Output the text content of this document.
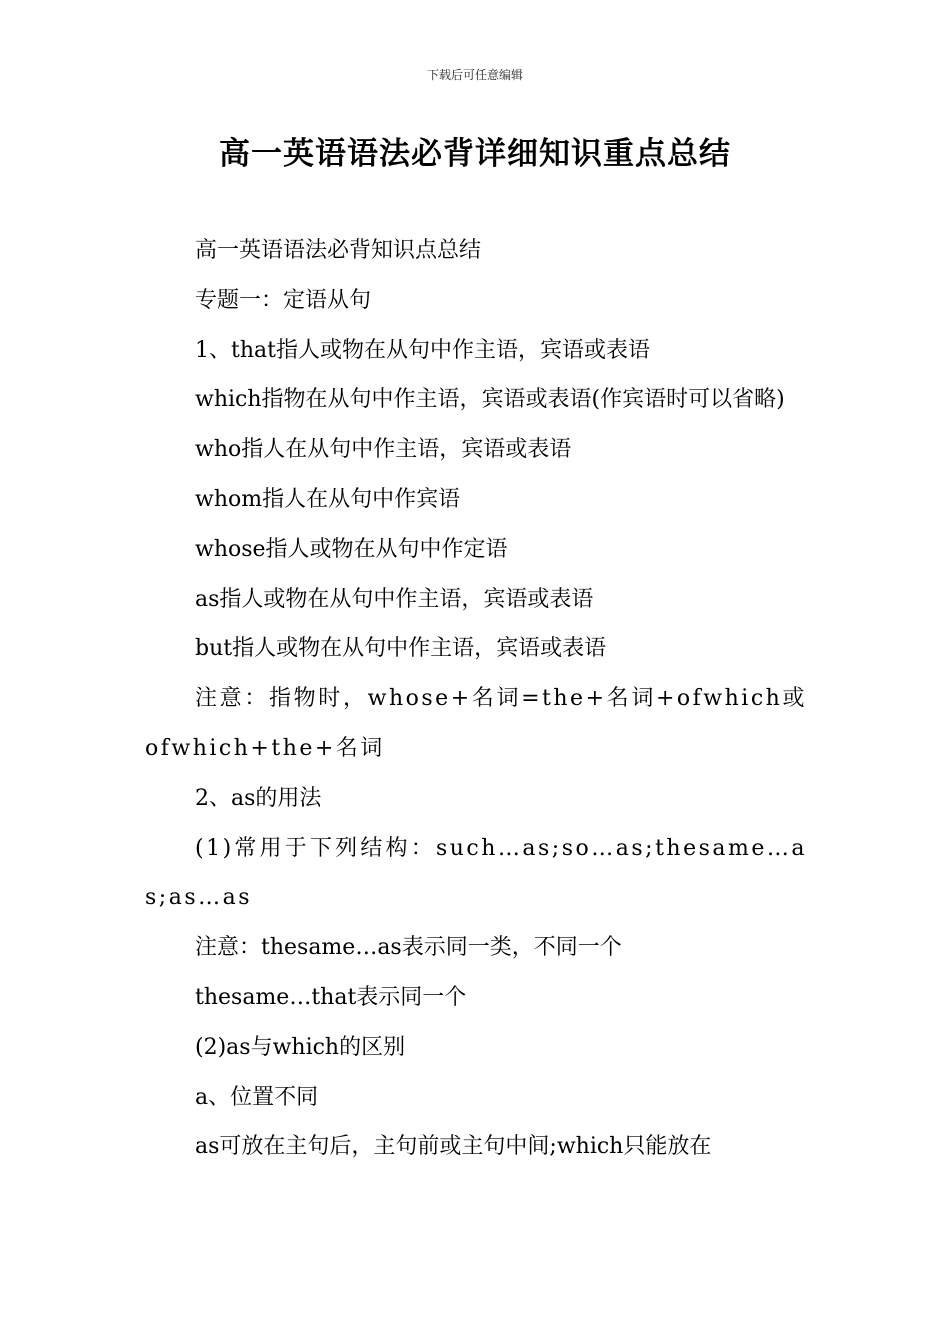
下载后可任意编辑
高一英语语法必背详细知识重点总结

高一英语语法必背知识点总结

专题一：定语从句

1、that指人或物在从句中作主语，宾语或表语

which指物在从句中作主语，宾语或表语(作宾语时可以省略)

who指人在从句中作主语，宾语或表语

whom指人在从句中作宾语

whose指人或物在从句中作定语

as指人或物在从句中作主语，宾语或表语

but指人或物在从句中作主语，宾语或表语

注意：指物时，whose+名词=the+名词+ofwhich或ofwhich+the+名词

2、as的用法

(1)常用于下列结构：such…as;so…as;thesame…as;as…as

注意：thesame…as表示同一类，不同一个

thesame…that表示同一个

(2)as与which的区别

a、位置不同

as可放在主句后，主句前或主句中间;which只能放在
